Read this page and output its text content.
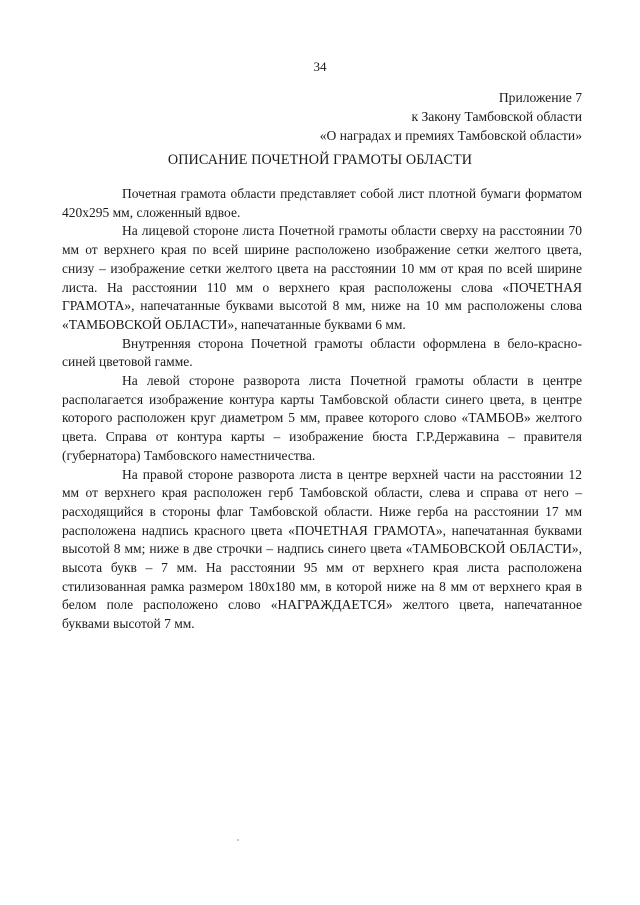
34
Приложение 7
к Закону Тамбовской области
«О наградах и премиях Тамбовской области»
ОПИСАНИЕ ПОЧЕТНОЙ ГРАМОТЫ ОБЛАСТИ

Почетная грамота области представляет собой лист плотной бумаги форматом 420х295 мм, сложенный вдвое.

На лицевой стороне листа Почетной грамоты области сверху на расстоянии 70 мм от верхнего края по всей ширине расположено изображение сетки желтого цвета, снизу – изображение сетки желтого цвета на расстоянии 10 мм от края по всей ширине листа. На расстоянии 110 мм о верхнего края расположены слова «ПОЧЕТНАЯ ГРАМОТА», напечатанные буквами высотой 8 мм, ниже на 10 мм расположены слова «ТАМБОВСКОЙ ОБЛАСТИ», напечатанные буквами 6 мм.

Внутренняя сторона Почетной грамоты области оформлена в бело-красно-синей цветовой гамме.

На левой стороне разворота листа Почетной грамоты области в центре располагается изображение контура карты Тамбовской области синего цвета, в центре которого расположен круг диаметром 5 мм, правее которого слово «ТАМБОВ» желтого цвета. Справа от контура карты – изображение бюста Г.Р.Державина – правителя (губернатора) Тамбовского наместничества.

На правой стороне разворота листа в центре верхней части на расстоянии 12 мм от верхнего края расположен герб Тамбовской области, слева и справа от него – расходящийся в стороны флаг Тамбовской области. Ниже герба на расстоянии 17 мм расположена надпись красного цвета «ПОЧЕТНАЯ ГРАМОТА», напечатанная буквами высотой 8 мм; ниже в две строчки – надпись синего цвета «ТАМБОВСКОЙ ОБЛАСТИ», высота букв – 7 мм. На расстоянии 95 мм от верхнего края листа расположена стилизованная рамка размером 180х180 мм, в которой ниже на 8 мм от верхнего края в белом поле расположено слово «НАГРАЖДАЕТСЯ» желтого цвета, напечатанное буквами высотой 7 мм.
